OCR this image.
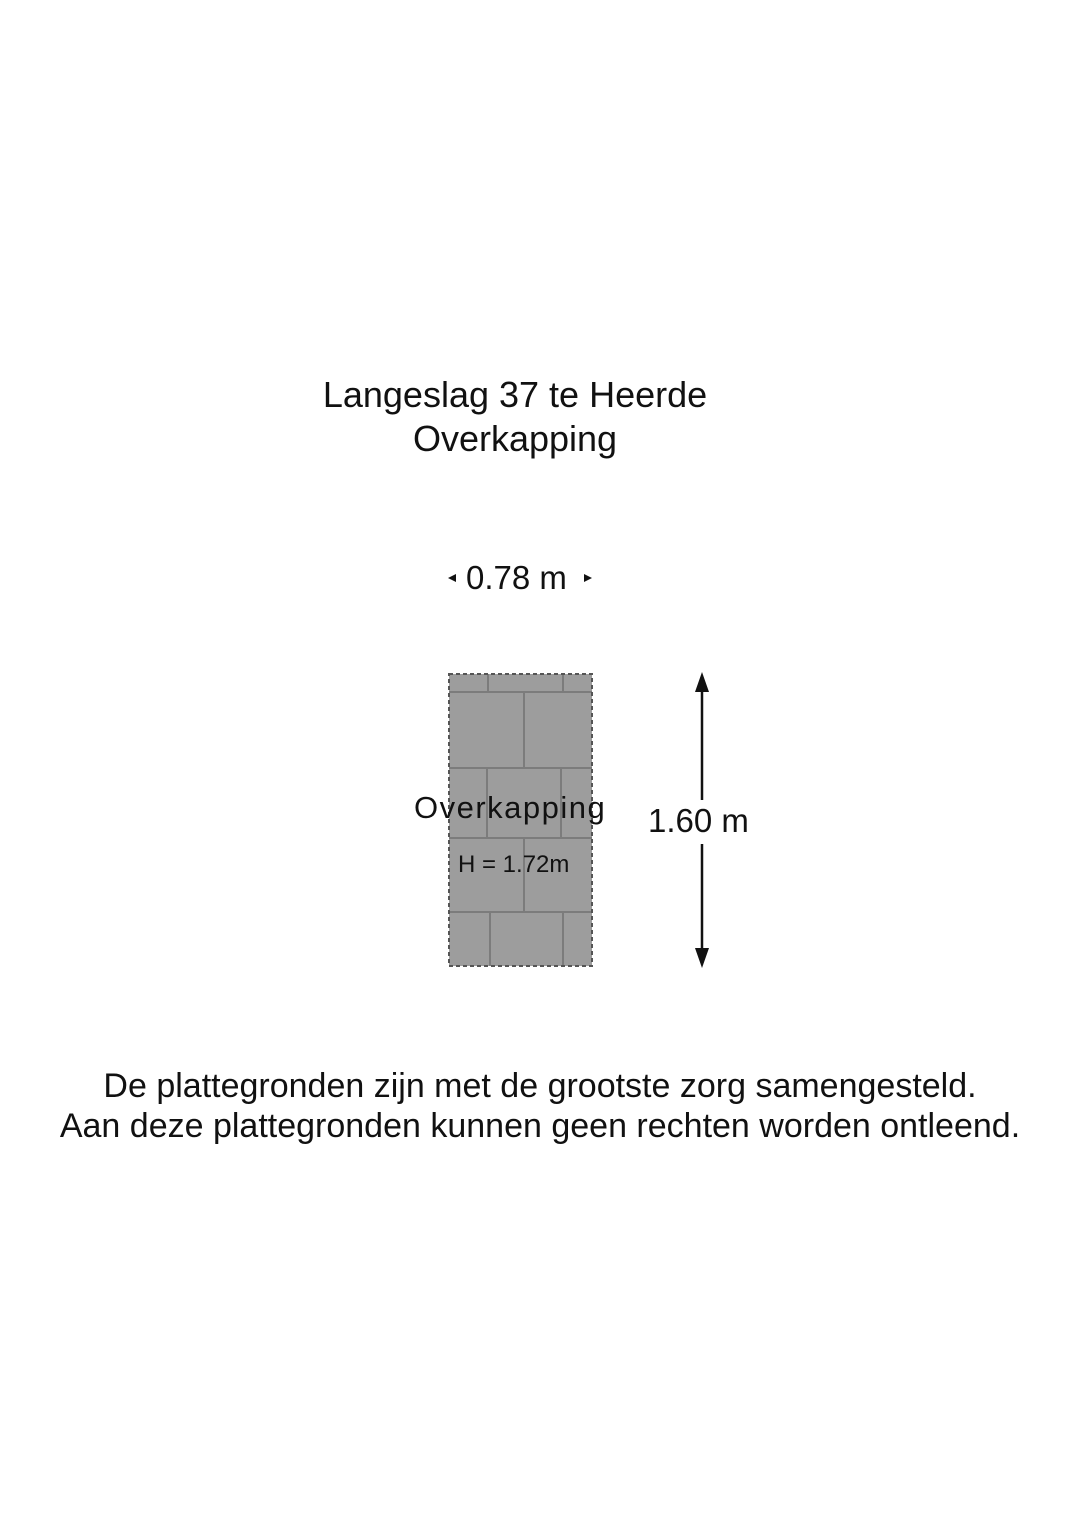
Langeslag 37 te Heerde
Overkapping
0.78 m
1.60 m
Overkapping
H = 1.72m
De plattegronden zijn met de grootste zorg samengesteld.
Aan deze plattegronden kunnen geen rechten worden ontleend.
